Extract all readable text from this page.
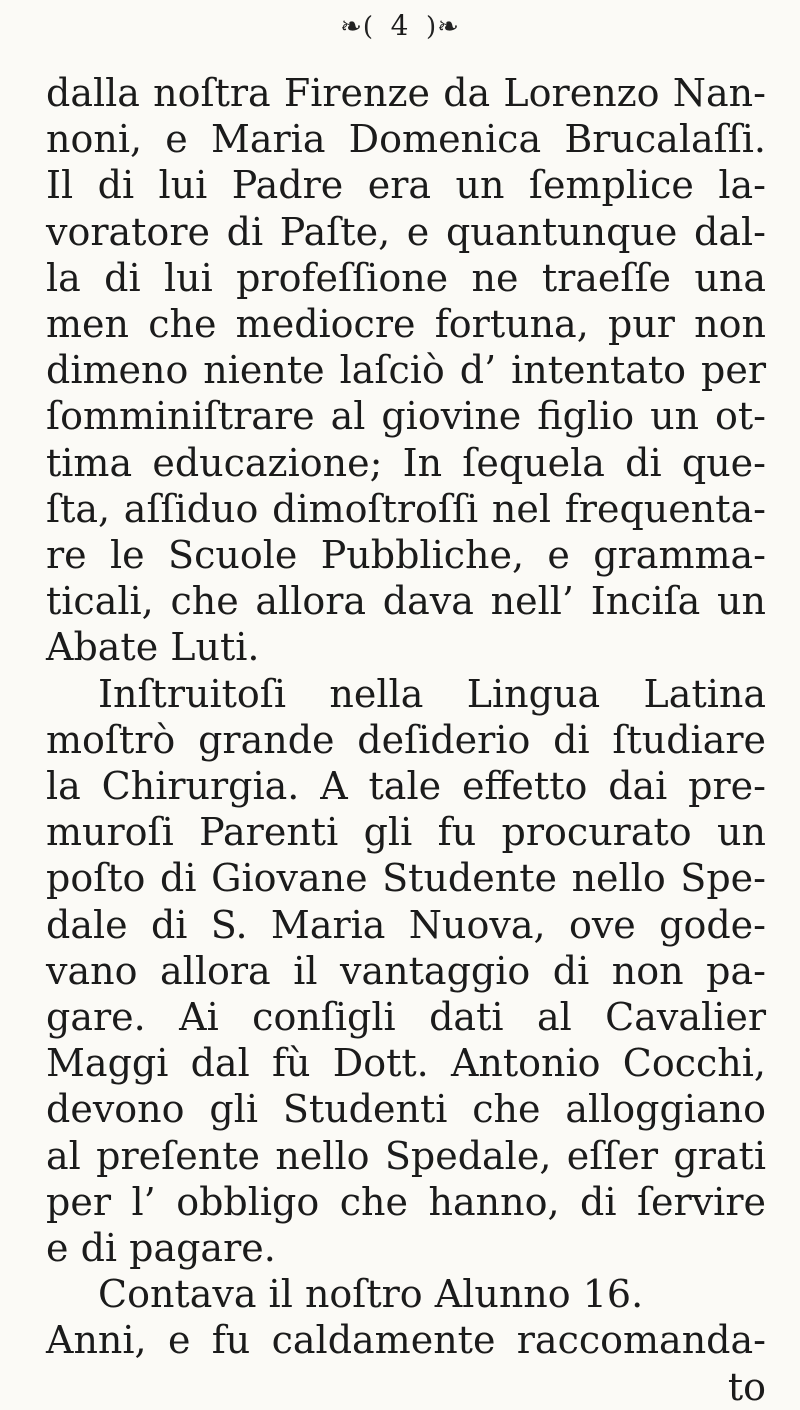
❧( 4 )❧
dalla noſtra Firenze da Lorenzo Nan-
noni, e Maria Domenica Brucalaſſi.
Il di lui Padre era un ſemplice la-
voratore di Paſte, e quantunque dal-
la di lui profeſſione ne traeſſe una
men che mediocre fortuna, pur non
dimeno niente laſciò d’ intentato per
ſomminiſtrare al giovine figlio un ot-
tima educazione; In ſequela di que-
ſta, aſſiduo dimoſtroſſi nel frequenta-
re le Scuole Pubbliche, e gramma-
ticali, che allora dava nell’ Inciſa un
Abate Luti.
Inſtruitoſi nella Lingua Latina
moſtrò grande deſiderio di ſtudiare
la Chirurgia. A tale effetto dai pre-
muroſi Parenti gli fu procurato un
poſto di Giovane Studente nello Spe-
dale di S. Maria Nuova, ove gode-
vano allora il vantaggio di non pa-
gare. Ai conſigli dati al Cavalier
Maggi dal fù Dott. Antonio Cocchi,
devono gli Studenti che alloggiano
al preſente nello Spedale, eſſer grati
per l’ obbligo che hanno, di ſervire
e di pagare.
Contava il noſtro Alunno 16.
Anni, e fu caldamente raccomanda-
to
